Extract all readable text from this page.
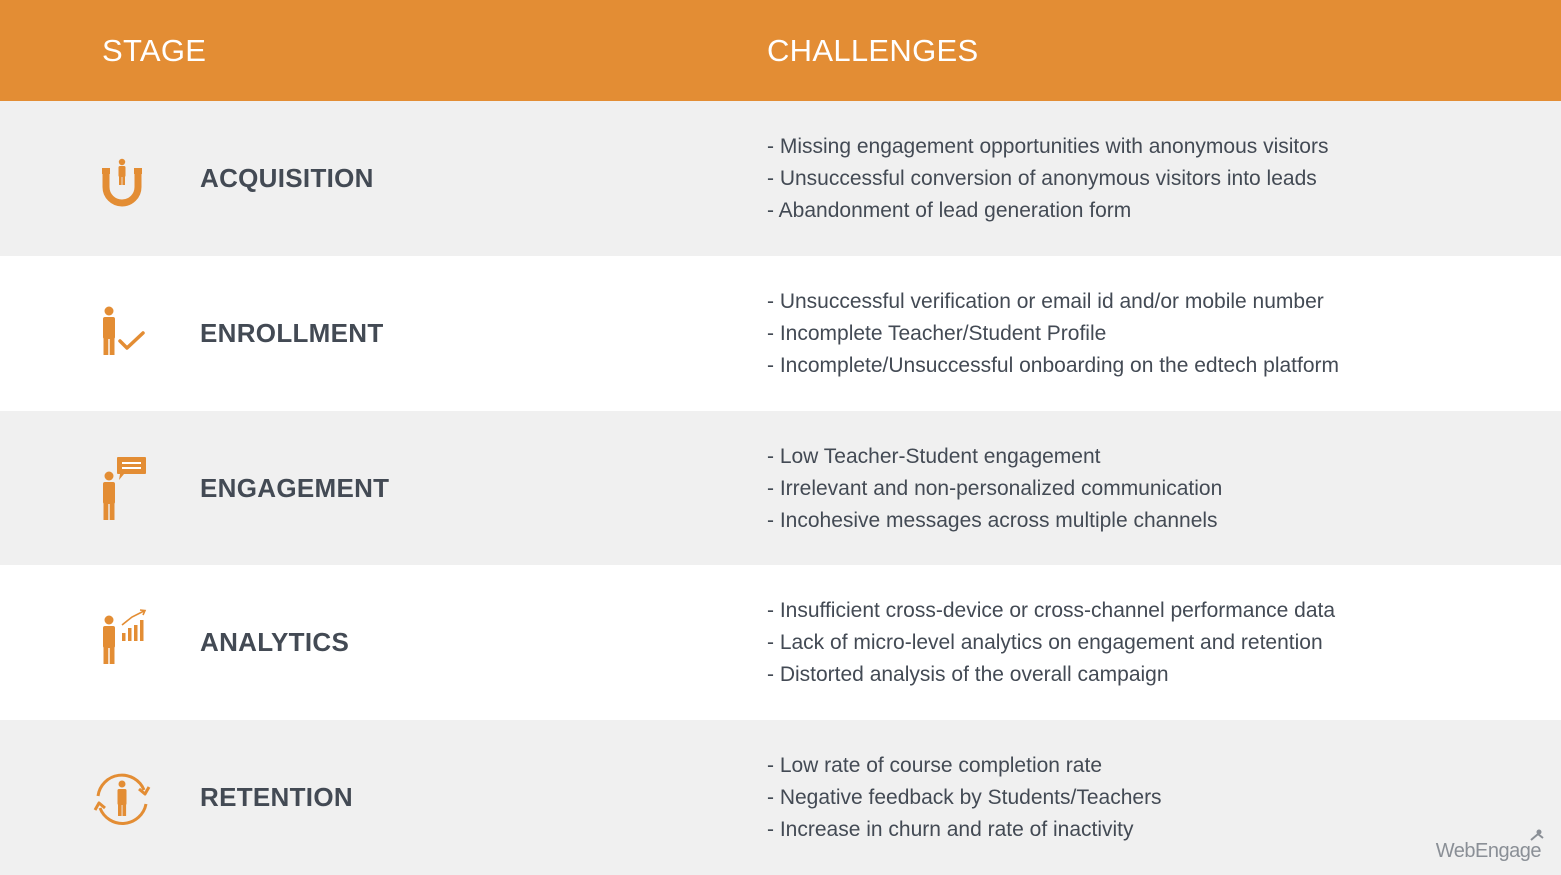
STAGE	CHALLENGES
ACQUISITION
- Missing engagement opportunities with anonymous visitors
- Unsuccessful conversion of anonymous visitors into leads
- Abandonment of lead generation form
ENROLLMENT
- Unsuccessful verification or email id and/or mobile number
- Incomplete Teacher/Student Profile
- Incomplete/Unsuccessful onboarding on the edtech platform
ENGAGEMENT
- Low Teacher-Student engagement
- Irrelevant and non-personalized communication
- Incohesive messages across multiple channels
ANALYTICS
- Insufficient cross-device or cross-channel performance data
- Lack of micro-level analytics on engagement and retention
- Distorted analysis of the overall campaign
RETENTION
- Low rate of course completion rate
- Negative feedback by Students/Teachers
- Increase in churn and rate of inactivity
WebEngage
